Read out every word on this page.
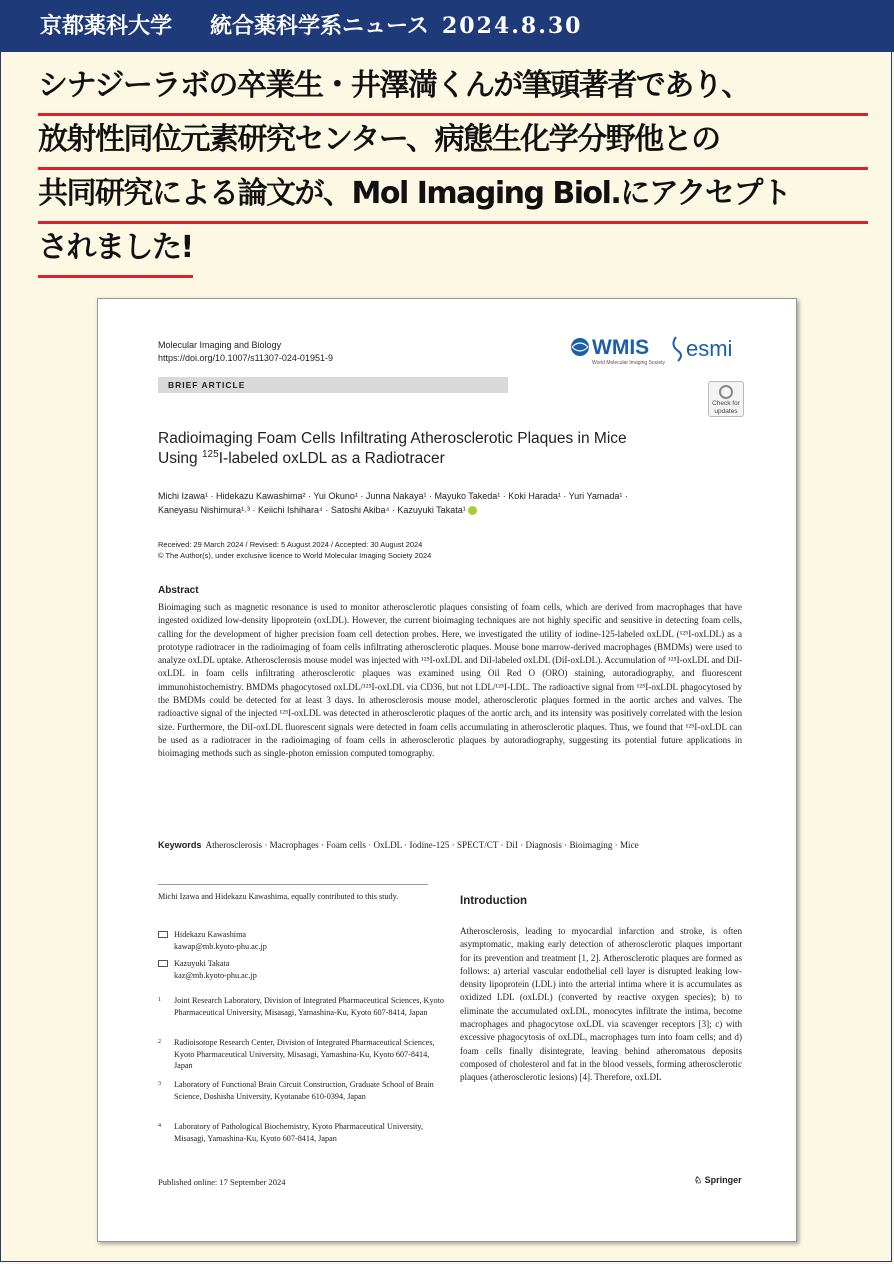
京都薬科大学 統合薬科学系ニュース 2024.8.30
シナジーラボの卒業生・井澤満くんが筆頭著者であり、
放射性同位元素研究センター、病態生化学分野他との
共同研究による論文が、Mol Imaging Biol.にアクセプト
されました!
Molecular Imaging and Biology
https://doi.org/10.1007/s11307-024-01951-9	WMIS
World Molecular Imaging Society
esmi
BRIEF ARTICLE
Check for updates
Radioimaging Foam Cells Infiltrating Atherosclerotic Plaques in Mice
Using $^{125}$I-labeled oxLDL as a Radiotracer
Michi Izawa¹ · Hidekazu Kawashima² · Yui Okuno¹ · Junna Nakaya¹ · Mayuko Takeda¹ · Koki Harada¹ · Yuri Yamada¹ ·
Kaneyasu Nishimura¹˒³ · Keiichi Ishihara⁴ · Satoshi Akiba⁴ · Kazuyuki Takata¹
Received: 29 March 2024 / Revised: 5 August 2024 / Accepted: 30 August 2024
© The Author(s), under exclusive licence to World Molecular Imaging Society 2024
Abstract
Bioimaging such as magnetic resonance is used to monitor atherosclerotic plaques consisting of foam cells, which are derived from macrophages that have ingested oxidized low-density lipoprotein (oxLDL). However, the current bioimaging techniques are not highly specific and sensitive in detecting foam cells, calling for the development of higher precision foam cell detection probes. Here, we investigated the utility of iodine-125-labeled oxLDL (¹²⁵I-oxLDL) as a prototype radiotracer in the radioimaging of foam cells infiltrating atherosclerotic plaques. Mouse bone marrow-derived macrophages (BMDMs) were used to analyze oxLDL uptake. Atherosclerosis mouse model was injected with ¹²⁵I-oxLDL and DiI-labeled oxLDL (DiI-oxLDL). Accumulation of ¹²⁵I-oxLDL and DiI-oxLDL in foam cells infiltrating atherosclerotic plaques was examined using Oil Red O (ORO) staining, autoradiography, and fluorescent immunohistochemistry. BMDMs phagocytosed oxLDL/¹²⁵I-oxLDL via CD36, but not LDL/¹²⁵I-LDL. The radioactive signal from ¹²⁵I-oxLDL phagocytosed by the BMDMs could be detected for at least 3 days. In atherosclerosis mouse model, atherosclerotic plaques formed in the aortic arches and valves. The radioactive signal of the injected ¹²⁵I-oxLDL was detected in atherosclerotic plaques of the aortic arch, and its intensity was positively correlated with the lesion size. Furthermore, the DiI-oxLDL fluorescent signals were detected in foam cells accumulating in atherosclerotic plaques. Thus, we found that ¹²⁵I-oxLDL can be used as a radiotracer in the radioimaging of foam cells in atherosclerotic plaques by autoradiography, suggesting its potential future applications in bioimaging methods such as single-photon emission computed tomography.
Keywords Atherosclerosis · Macrophages · Foam cells · OxLDL · Iodine-125 · SPECT/CT · DiI · Diagnosis · Bioimaging · Mice
Michi Izawa and Hidekazu Kawashima, equally contributed to this study.
Hidekazu Kawashima
kawap@mb.kyoto-phu.ac.jp
Kazuyuki Takata
kaz@mb.kyoto-phu.ac.jp
1 Joint Research Laboratory, Division of Integrated Pharmaceutical Sciences, Kyoto Pharmaceutical University, Misasagi, Yamashina-Ku, Kyoto 607-8414, Japan
2 Radioisotope Research Center, Division of Integrated Pharmaceutical Sciences, Kyoto Pharmaceutical University, Misasagi, Yamashina-Ku, Kyoto 607-8414, Japan
3 Laboratory of Functional Brain Circuit Construction, Graduate School of Brain Science, Doshisha University, Kyotanabe 610-0394, Japan
4 Laboratory of Pathological Biochemistry, Kyoto Pharmaceutical University, Misasagi, Yamashina-Ku, Kyoto 607-8414, Japan
Introduction
Atherosclerosis, leading to myocardial infarction and stroke, is often asymptomatic, making early detection of atherosclerotic plaques important for its prevention and treatment [1, 2]. Atherosclerotic plaques are formed as follows: a) arterial vascular endothelial cell layer is disrupted leaking low-density lipoprotein (LDL) into the arterial intima where it is accumulates as oxidized LDL (oxLDL) (converted by reactive oxygen species); b) to eliminate the accumulated oxLDL, monocytes infiltrate the intima, become macrophages and phagocytose oxLDL via scavenger receptors [3]; c) with excessive phagocytosis of oxLDL, macrophages turn into foam cells; and d) foam cells finally disintegrate, leaving behind atheromatous deposits composed of cholesterol and fat in the blood vessels, forming atherosclerotic plaques (atherosclerotic lesions) [4]. Therefore, oxLDL
Published online: 17 September 2024	♘ Springer
